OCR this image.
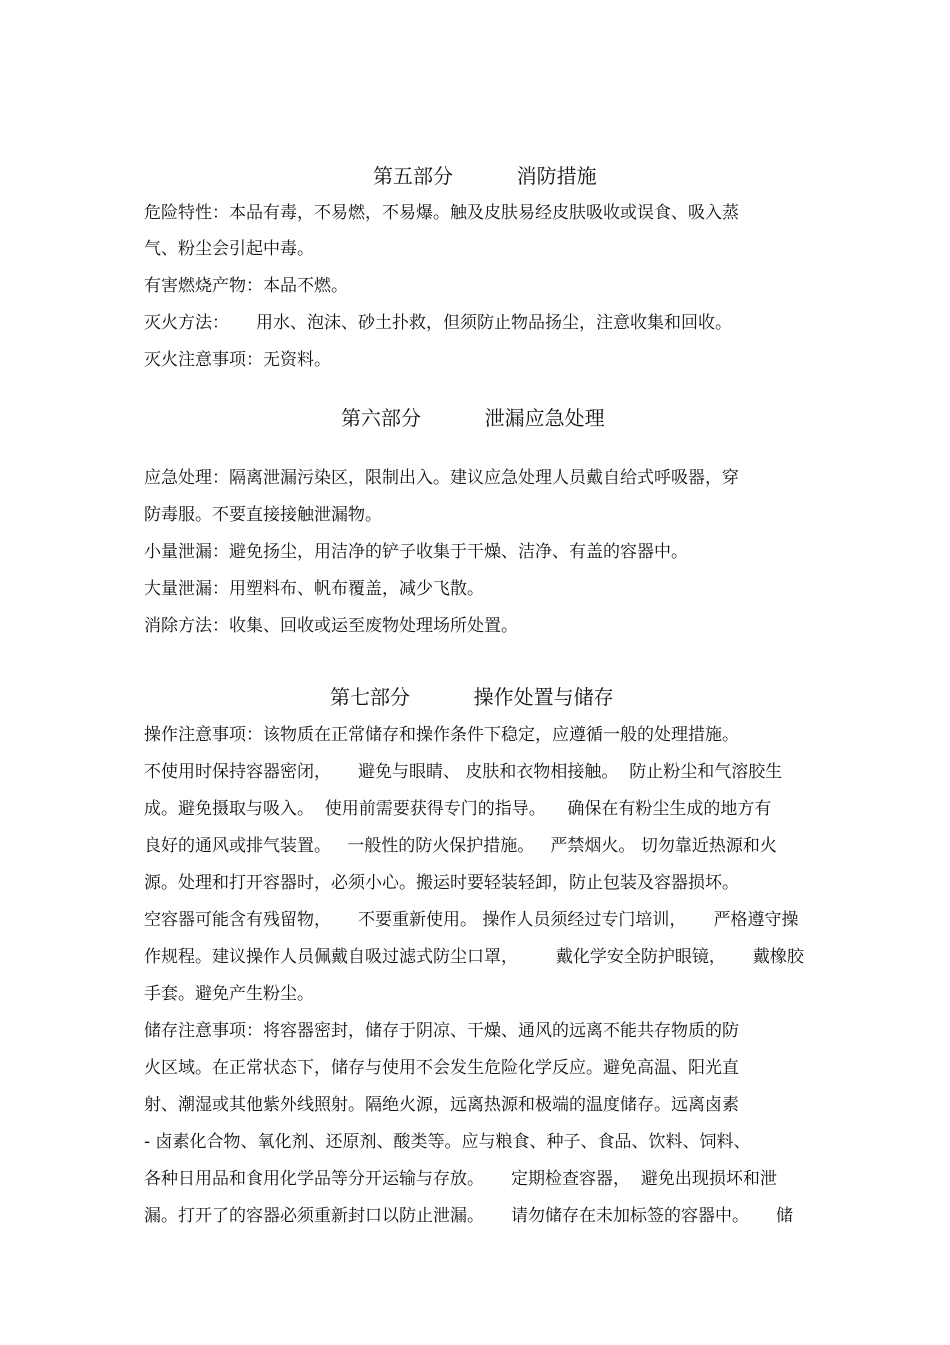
第五部分          消防措施
危险特性：本品有毒，不易燃，不易爆。触及皮肤易经皮肤吸收或误食、吸入蒸
气、粉尘会引起中毒。
有害燃烧产物：本品不燃。
灭火方法：     用水、泡沫、砂土扑救，但须防止物品扬尘，注意收集和回收。
灭火注意事项：无资料。
第六部分          泄漏应急处理
应急处理：隔离泄漏污染区，限制出入。建议应急处理人员戴自给式呼吸器，穿
防毒服。不要直接接触泄漏物。
小量泄漏：避免扬尘，用洁净的铲子收集于干燥、洁净、有盖的容器中。
大量泄漏：用塑料布、帆布覆盖，减少飞散。
消除方法：收集、回收或运至废物处理场所处置。
第七部分          操作处置与储存
操作注意事项：该物质在正常储存和操作条件下稳定，应遵循一般的处理措施。
不使用时保持容器密闭，     避免与眼睛、 皮肤和衣物相接触。  防止粉尘和气溶胶生
成。避免摄取与吸入。  使用前需要获得专门的指导。    确保在有粉尘生成的地方有
良好的通风或排气装置。   一般性的防火保护措施。   严禁烟火。 切勿靠近热源和火
源。处理和打开容器时，必须小心。搬运时要轻装轻卸，防止包装及容器损坏。
空容器可能含有残留物，     不要重新使用。 操作人员须经过专门培训，     严格遵守操
作规程。建议操作人员佩戴自吸过滤式防尘口罩，       戴化学安全防护眼镜，     戴橡胶
手套。避免产生粉尘。
储存注意事项：将容器密封，储存于阴凉、干燥、通风的远离不能共存物质的防
火区域。在正常状态下，储存与使用不会发生危险化学反应。避免高温、阳光直
射、潮湿或其他紫外线照射。隔绝火源，远离热源和极端的温度储存。远离卤素
- 卤素化合物、氧化剂、还原剂、酸类等。应与粮食、种子、食品、饮料、饲料、
各种日用品和食用化学品等分开运输与存放。     定期检查容器，  避免出现损坏和泄
漏。打开了的容器必须重新封口以防止泄漏。     请勿储存在未加标签的容器中。     储
